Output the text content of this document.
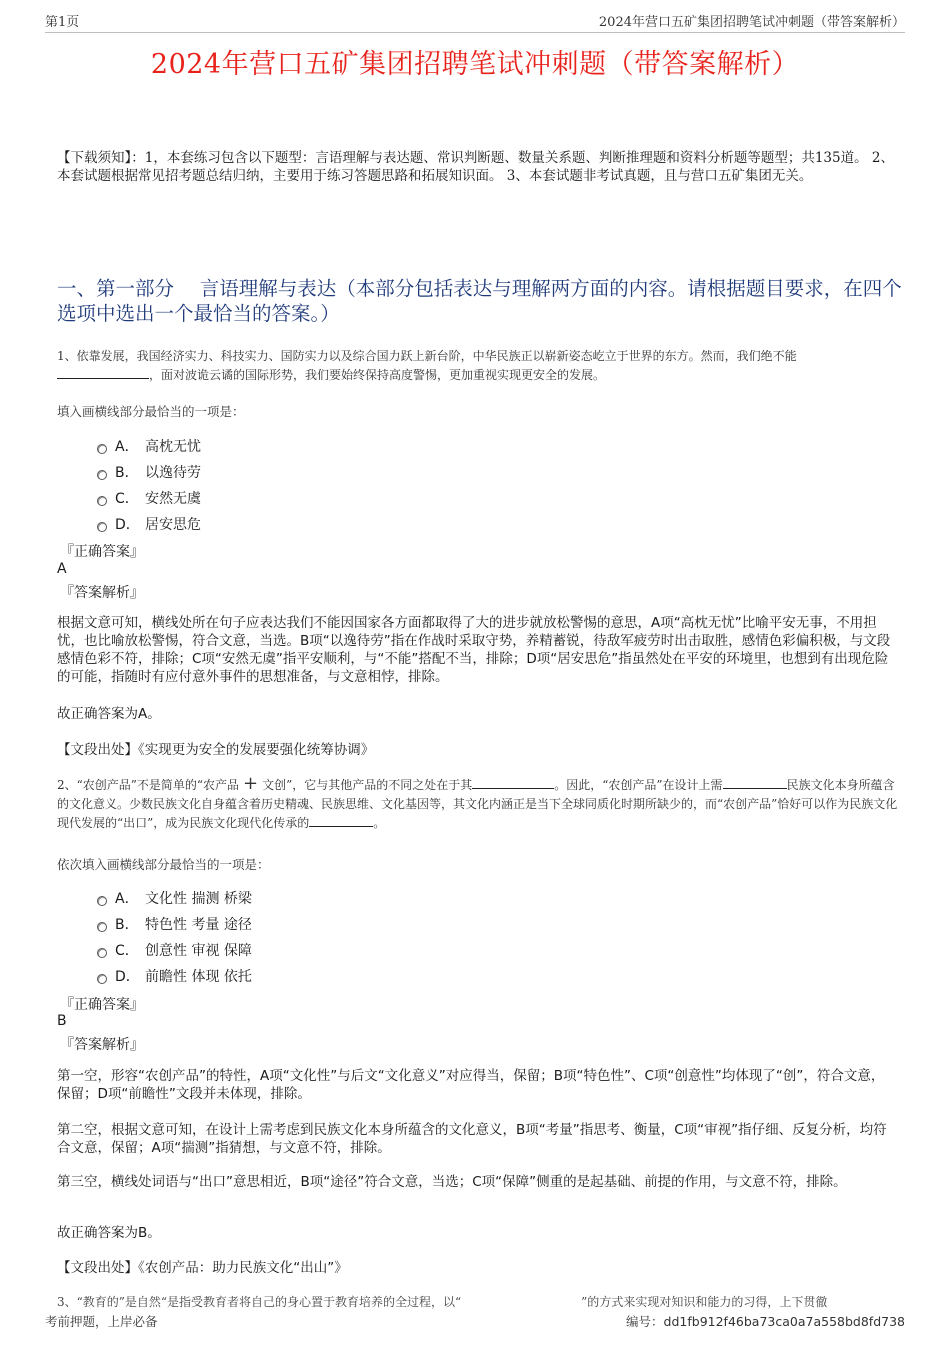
第1页	2024年营口五矿集团招聘笔试冲刺题（带答案解析）
2024年营口五矿集团招聘笔试冲刺题（带答案解析）
【下载须知】：1，本套练习包含以下题型：言语理解与表达题、常识判断题、数量关系题、判断推理题和资料分析题等题型；共135道。 2、本套试题根据常见招考题总结归纳，主要用于练习答题思路和拓展知识面。 3、本套试题非考试真题，且与营口五矿集团无关。
一、第一部分　 言语理解与表达（本部分包括表达与理解两方面的内容。请根据题目要求，在四个选项中选出一个最恰当的答案。）
1、依靠发展，我国经济实力、科技实力、国防实力以及综合国力跃上新台阶，中华民族正以崭新姿态屹立于世界的东方。然而，我们绝不能
，面对波诡云谲的国际形势，我们要始终保持高度警惕，更加重视实现更安全的发展。
填入画横线部分最恰当的一项是：
A． 高枕无忧
B． 以逸待劳
C． 安然无虞
D． 居安思危
『正确答案』
A
『答案解析』
根据文意可知，横线处所在句子应表达我们不能因国家各方面都取得了大的进步就放松警惕的意思，A项“高枕无忧”比喻平安无事，不用担忧，也比喻放松警惕，符合文意，当选。B项“以逸待劳”指在作战时采取守势，养精蓄锐，待敌军疲劳时出击取胜，感情色彩偏积极，与文段感情色彩不符，排除；C项“安然无虞”指平安顺利，与“不能”搭配不当，排除；D项“居安思危”指虽然处在平安的环境里，也想到有出现危险的可能，指随时有应付意外事件的思想准备，与文意相悖，排除。
故正确答案为A。
【文段出处】《实现更为安全的发展要强化统筹协调》
2、“农创产品”不是简单的“农产品 + 文创”，它与其他产品的不同之处在于其	。因此，“农创产品”在设计上需	民族文化本身所蕴含的文化意义。少数民族文化自身蕴含着历史精魂、民族思维、文化基因等，其文化内涵正是当下全球同质化时期所缺少的，而“农创产品”恰好可以作为民族文化现代发展的“出口”，成为民族文化现代化传承的	。
依次填入画横线部分最恰当的一项是：
A． 文化性 揣测 桥梁
B． 特色性 考量 途径
C． 创意性 审视 保障
D． 前瞻性 体现 依托
『正确答案』
B
『答案解析』
第一空，形容“农创产品”的特性，A项“文化性”与后文“文化意义”对应得当，保留；B项“特色性”、C项“创意性”均体现了“创”，符合文意，保留；D项“前瞻性”文段并未体现，排除。
第二空，根据文意可知，在设计上需考虑到民族文化本身所蕴含的文化意义，B项“考量”指思考、衡量，C项“审视”指仔细、反复分析，均符合文意，保留；A项“揣测”指猜想，与文意不符，排除。
第三空，横线处词语与“出口”意思相近，B项“途径”符合文意，当选；C项“保障”侧重的是起基础、前提的作用，与文意不符，排除。
故正确答案为B。
【文段出处】《农创产品：助力民族文化“出山”》
3、“教育的”是自然“是指受教育者将自己的身心置于教育培养的全过程，以“　　　　　　　　　　”的方式来实现对知识和能力的习得，上下贯徹
考前押题，上岸必备	编号：dd1fb912f46ba73ca0a7a558bd8fd738
